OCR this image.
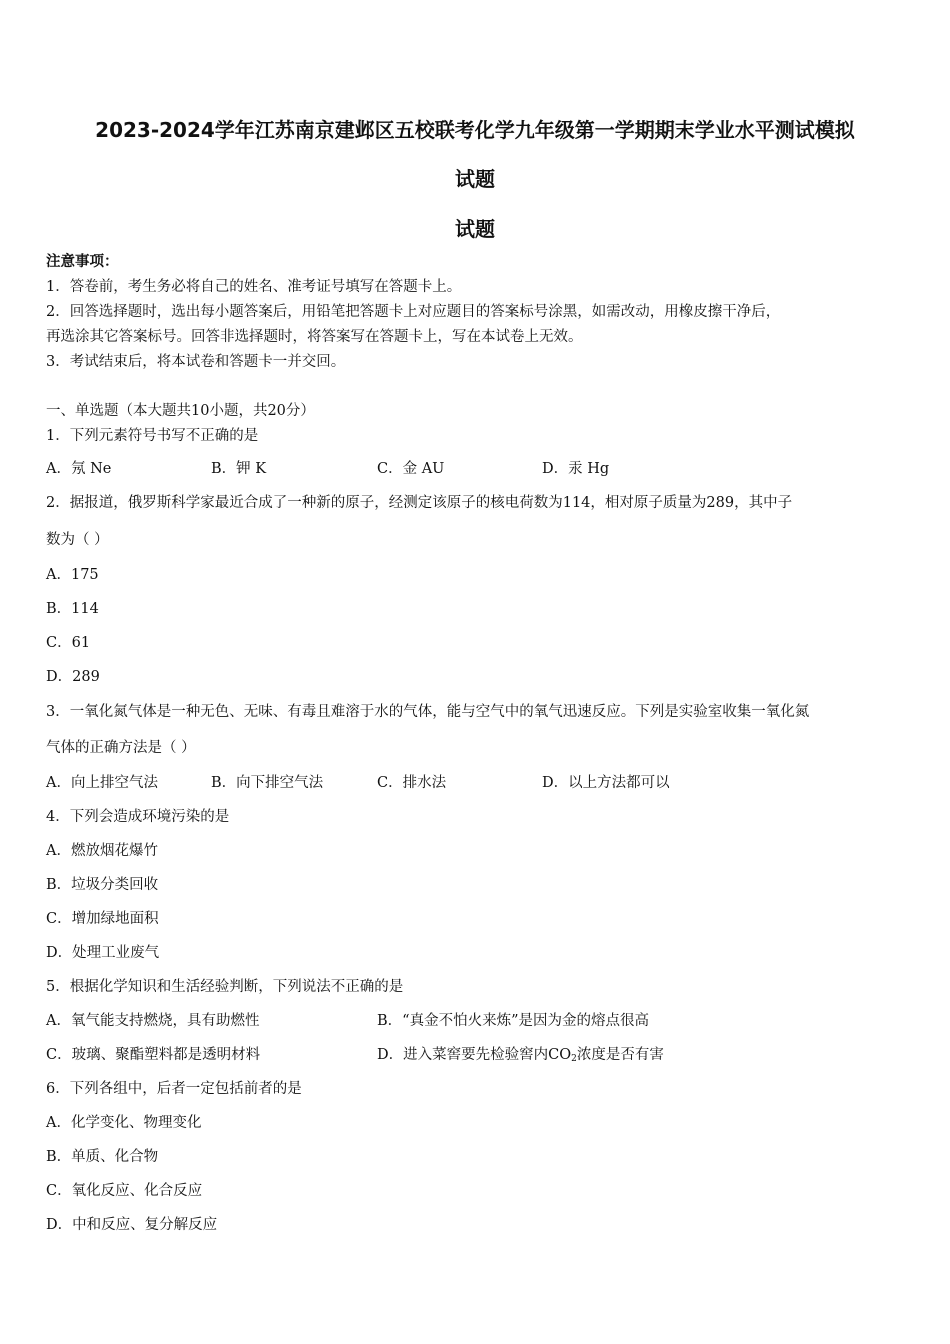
2023-2024学年江苏南京建邺区五校联考化学九年级第一学期期末学业水平测试模拟
试题
试题
注意事项：
1．答卷前，考生务必将自己的姓名、准考证号填写在答题卡上。
2．回答选择题时，选出每小题答案后，用铅笔把答题卡上对应题目的答案标号涂黑，如需改动，用橡皮擦干净后，
再选涂其它答案标号。回答非选择题时，将答案写在答题卡上，写在本试卷上无效。
3．考试结束后，将本试卷和答题卡一并交回。
一、单选题（本大题共10小题，共20分）
1．下列元素符号书写不正确的是
A．氖 Ne	B．钾 K	C．金 AU	D．汞 Hg
2．据报道，俄罗斯科学家最近合成了一种新的原子，经测定该原子的核电荷数为114，相对原子质量为289，其中子
数为（ ）
A．175
B．114
C．61
D．289
3．一氧化氮气体是一种无色、无味、有毒且难溶于水的气体，能与空气中的氧气迅速反应。下列是实验室收集一氧化氮
气体的正确方法是（ ）
A．向上排空气法	B．向下排空气法	C．排水法	D．以上方法都可以
4．下列会造成环境污染的是
A．燃放烟花爆竹
B．垃圾分类回收
C．增加绿地面积
D．处理工业废气
5．根据化学知识和生活经验判断，下列说法不正确的是
A．氧气能支持燃烧，具有助燃性	B．“真金不怕火来炼”是因为金的熔点很高
C．玻璃、聚酯塑料都是透明材料	D．进入菜窖要先检验窖内$CO_2$浓度是否有害
6．下列各组中，后者一定包括前者的是
A．化学变化、物理变化
B．单质、化合物
C．氧化反应、化合反应
D．中和反应、复分解反应
